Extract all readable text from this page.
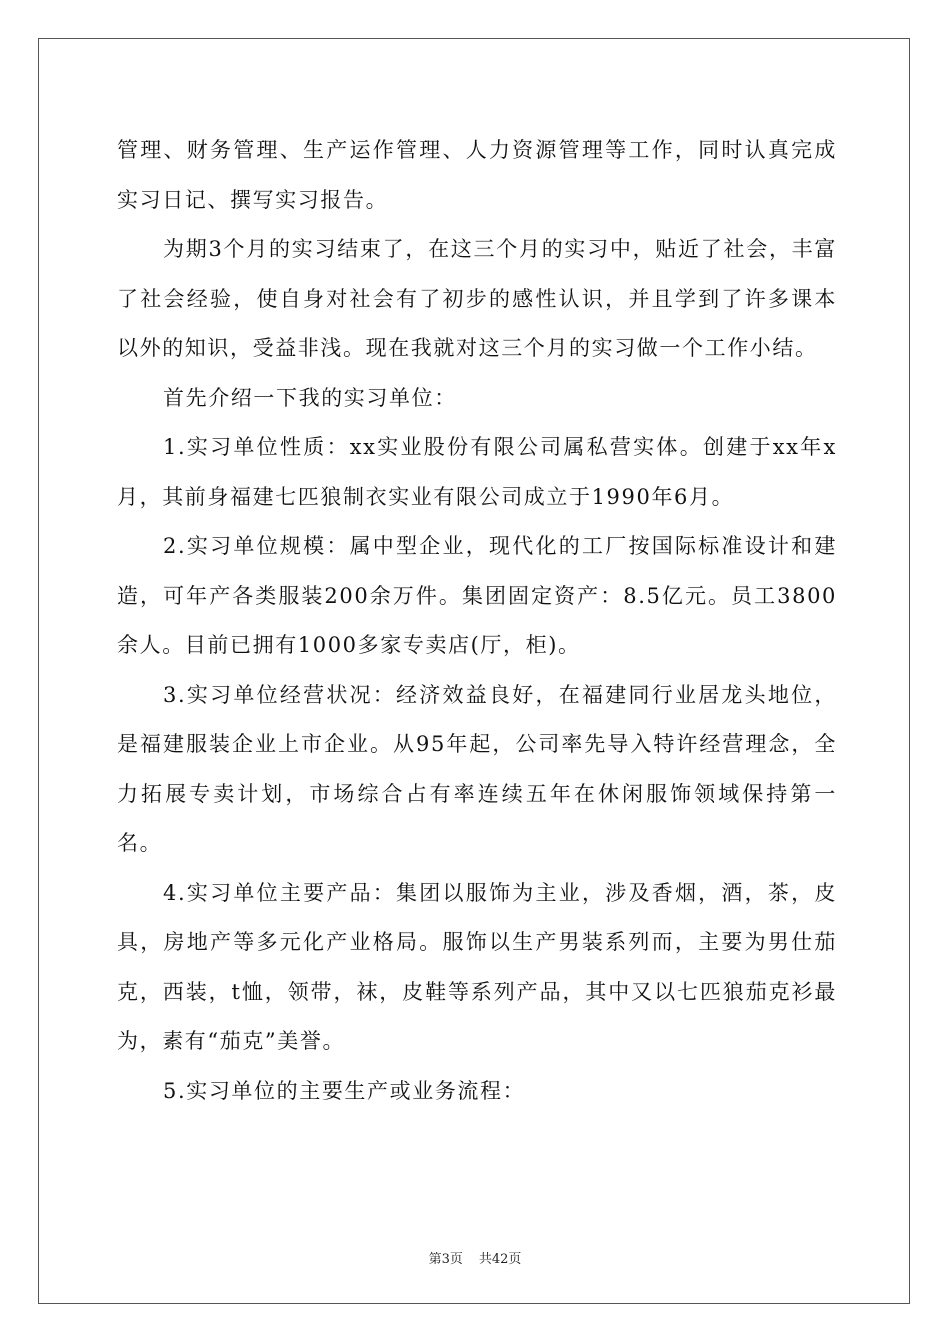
管理、财务管理、生产运作管理、人力资源管理等工作，同时认真完成实习日记、撰写实习报告。

为期3个月的实习结束了，在这三个月的实习中，贴近了社会，丰富了社会经验，使自身对社会有了初步的感性认识，并且学到了许多课本以外的知识，受益非浅。现在我就对这三个月的实习做一个工作小结。

首先介绍一下我的实习单位：

1.实习单位性质：xx实业股份有限公司属私营实体。创建于xx年x月，其前身福建七匹狼制衣实业有限公司成立于1990年6月。

2.实习单位规模：属中型企业，现代化的工厂按国际标准设计和建造，可年产各类服装200余万件。集团固定资产：8.5亿元。员工3800余人。目前已拥有1000多家专卖店(厅，柜)。

3.实习单位经营状况：经济效益良好，在福建同行业居龙头地位，是福建服装企业上市企业。从95年起，公司率先导入特许经营理念，全力拓展专卖计划，市场综合占有率连续五年在休闲服饰领域保持第一名。

4.实习单位主要产品：集团以服饰为主业，涉及香烟，酒，茶，皮具，房地产等多元化产业格局。服饰以生产男装系列而，主要为男仕茄克，西装，t恤，领带，袜，皮鞋等系列产品，其中又以七匹狼茄克衫最为，素有“茄克”美誉。

5.实习单位的主要生产或业务流程：

第3页 共42页
